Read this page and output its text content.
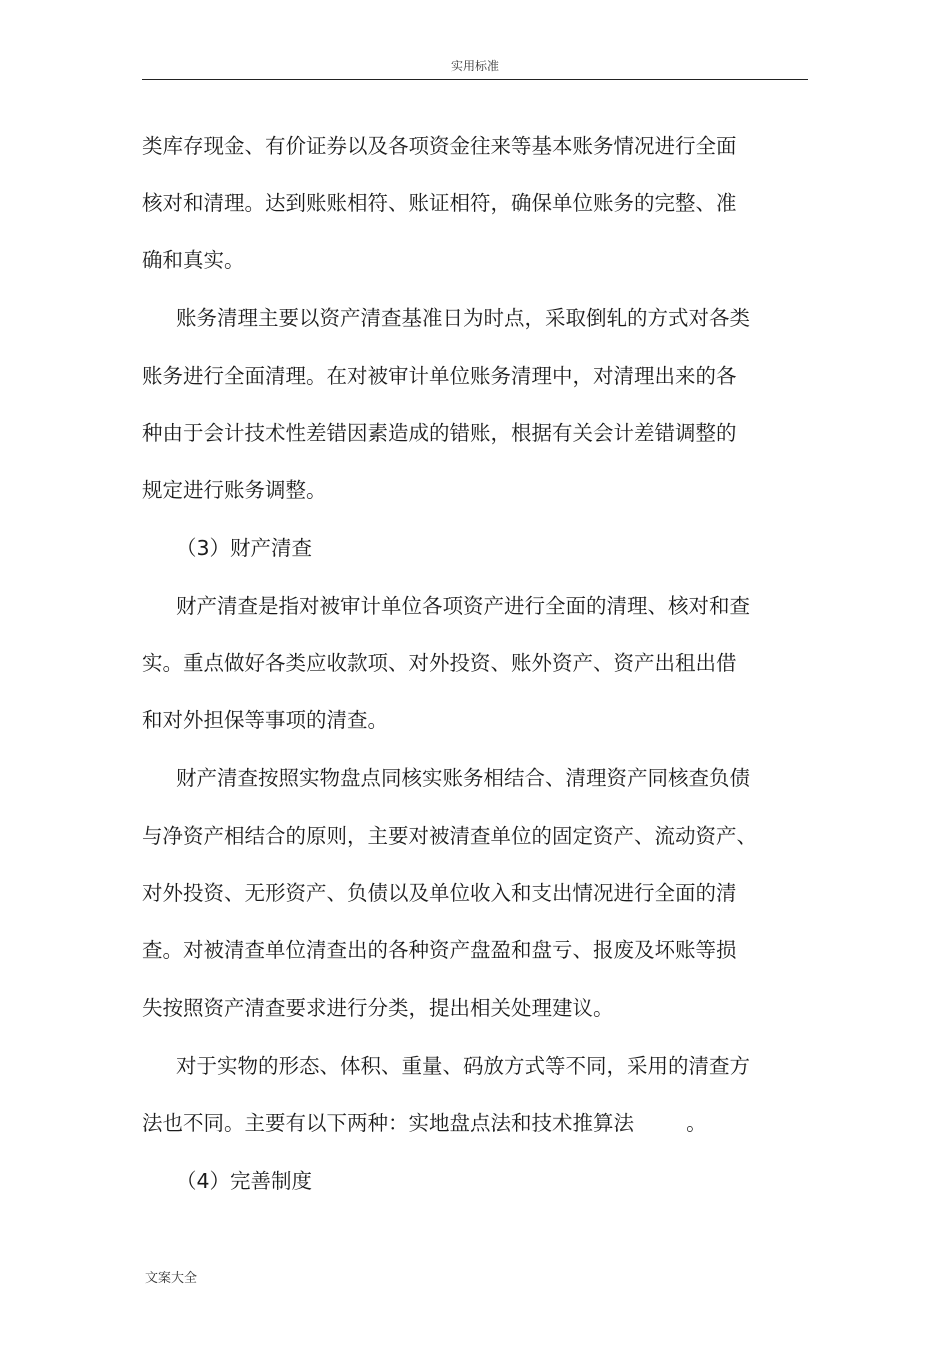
实用标准
类库存现金、有价证券以及各项资金往来等基本账务情况进行全面
核对和清理。达到账账相符、账证相符，确保单位账务的完整、准
确和真实。
账务清理主要以资产清查基准日为时点，采取倒轧的方式对各类
账务进行全面清理。在对被审计单位账务清理中，对清理出来的各
种由于会计技术性差错因素造成的错账，根据有关会计差错调整的
规定进行账务调整。
（3）财产清查
财产清查是指对被审计单位各项资产进行全面的清理、核对和查
实。重点做好各类应收款项、对外投资、账外资产、资产出租出借
和对外担保等事项的清查。
财产清查按照实物盘点同核实账务相结合、清理资产同核查负债
与净资产相结合的原则，主要对被清查单位的固定资产、流动资产、
对外投资、无形资产、负债以及单位收入和支出情况进行全面的清
查。对被清查单位清查出的各种资产盘盈和盘亏、报废及坏账等损
失按照资产清查要求进行分类，提出相关处理建议。
对于实物的形态、体积、重量、码放方式等不同，采用的清查方
法也不同。主要有以下两种：实地盘点法和技术推算法        。
（4）完善制度
文案大全
